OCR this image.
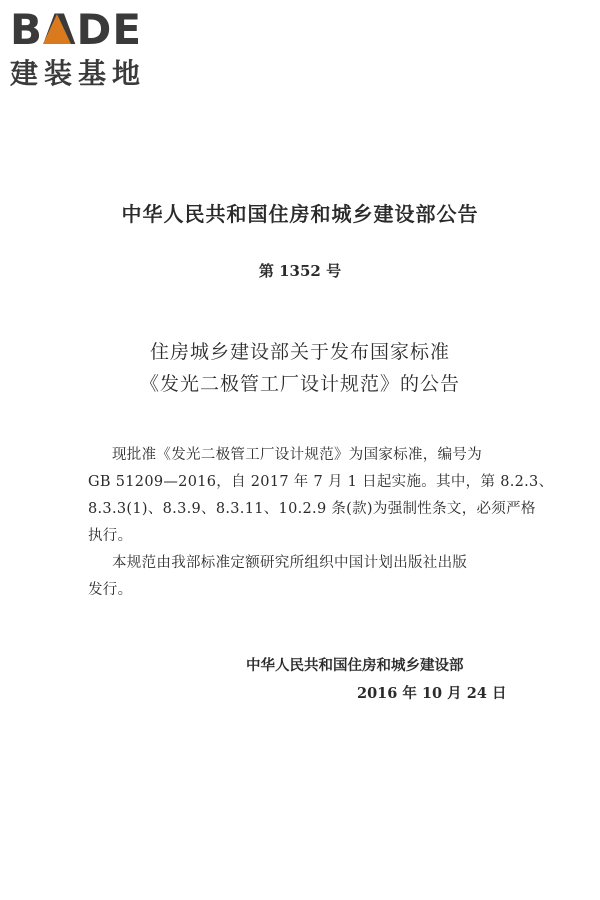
BADE
建装基地
中华人民共和国住房和城乡建设部公告
第 1352 号
住房城乡建设部关于发布国家标准
《发光二极管工厂设计规范》的公告
现批准《发光二极管工厂设计规范》为国家标准，编号为
GB 51209—2016，自 2017 年 7 月 1 日起实施。其中，第 8.2.3、
8.3.3(1)、8.3.9、8.3.11、10.2.9 条(款)为强制性条文，必须严格
执行。
本规范由我部标准定额研究所组织中国计划出版社出版
发行。
中华人民共和国住房和城乡建设部
2016 年 10 月 24 日
